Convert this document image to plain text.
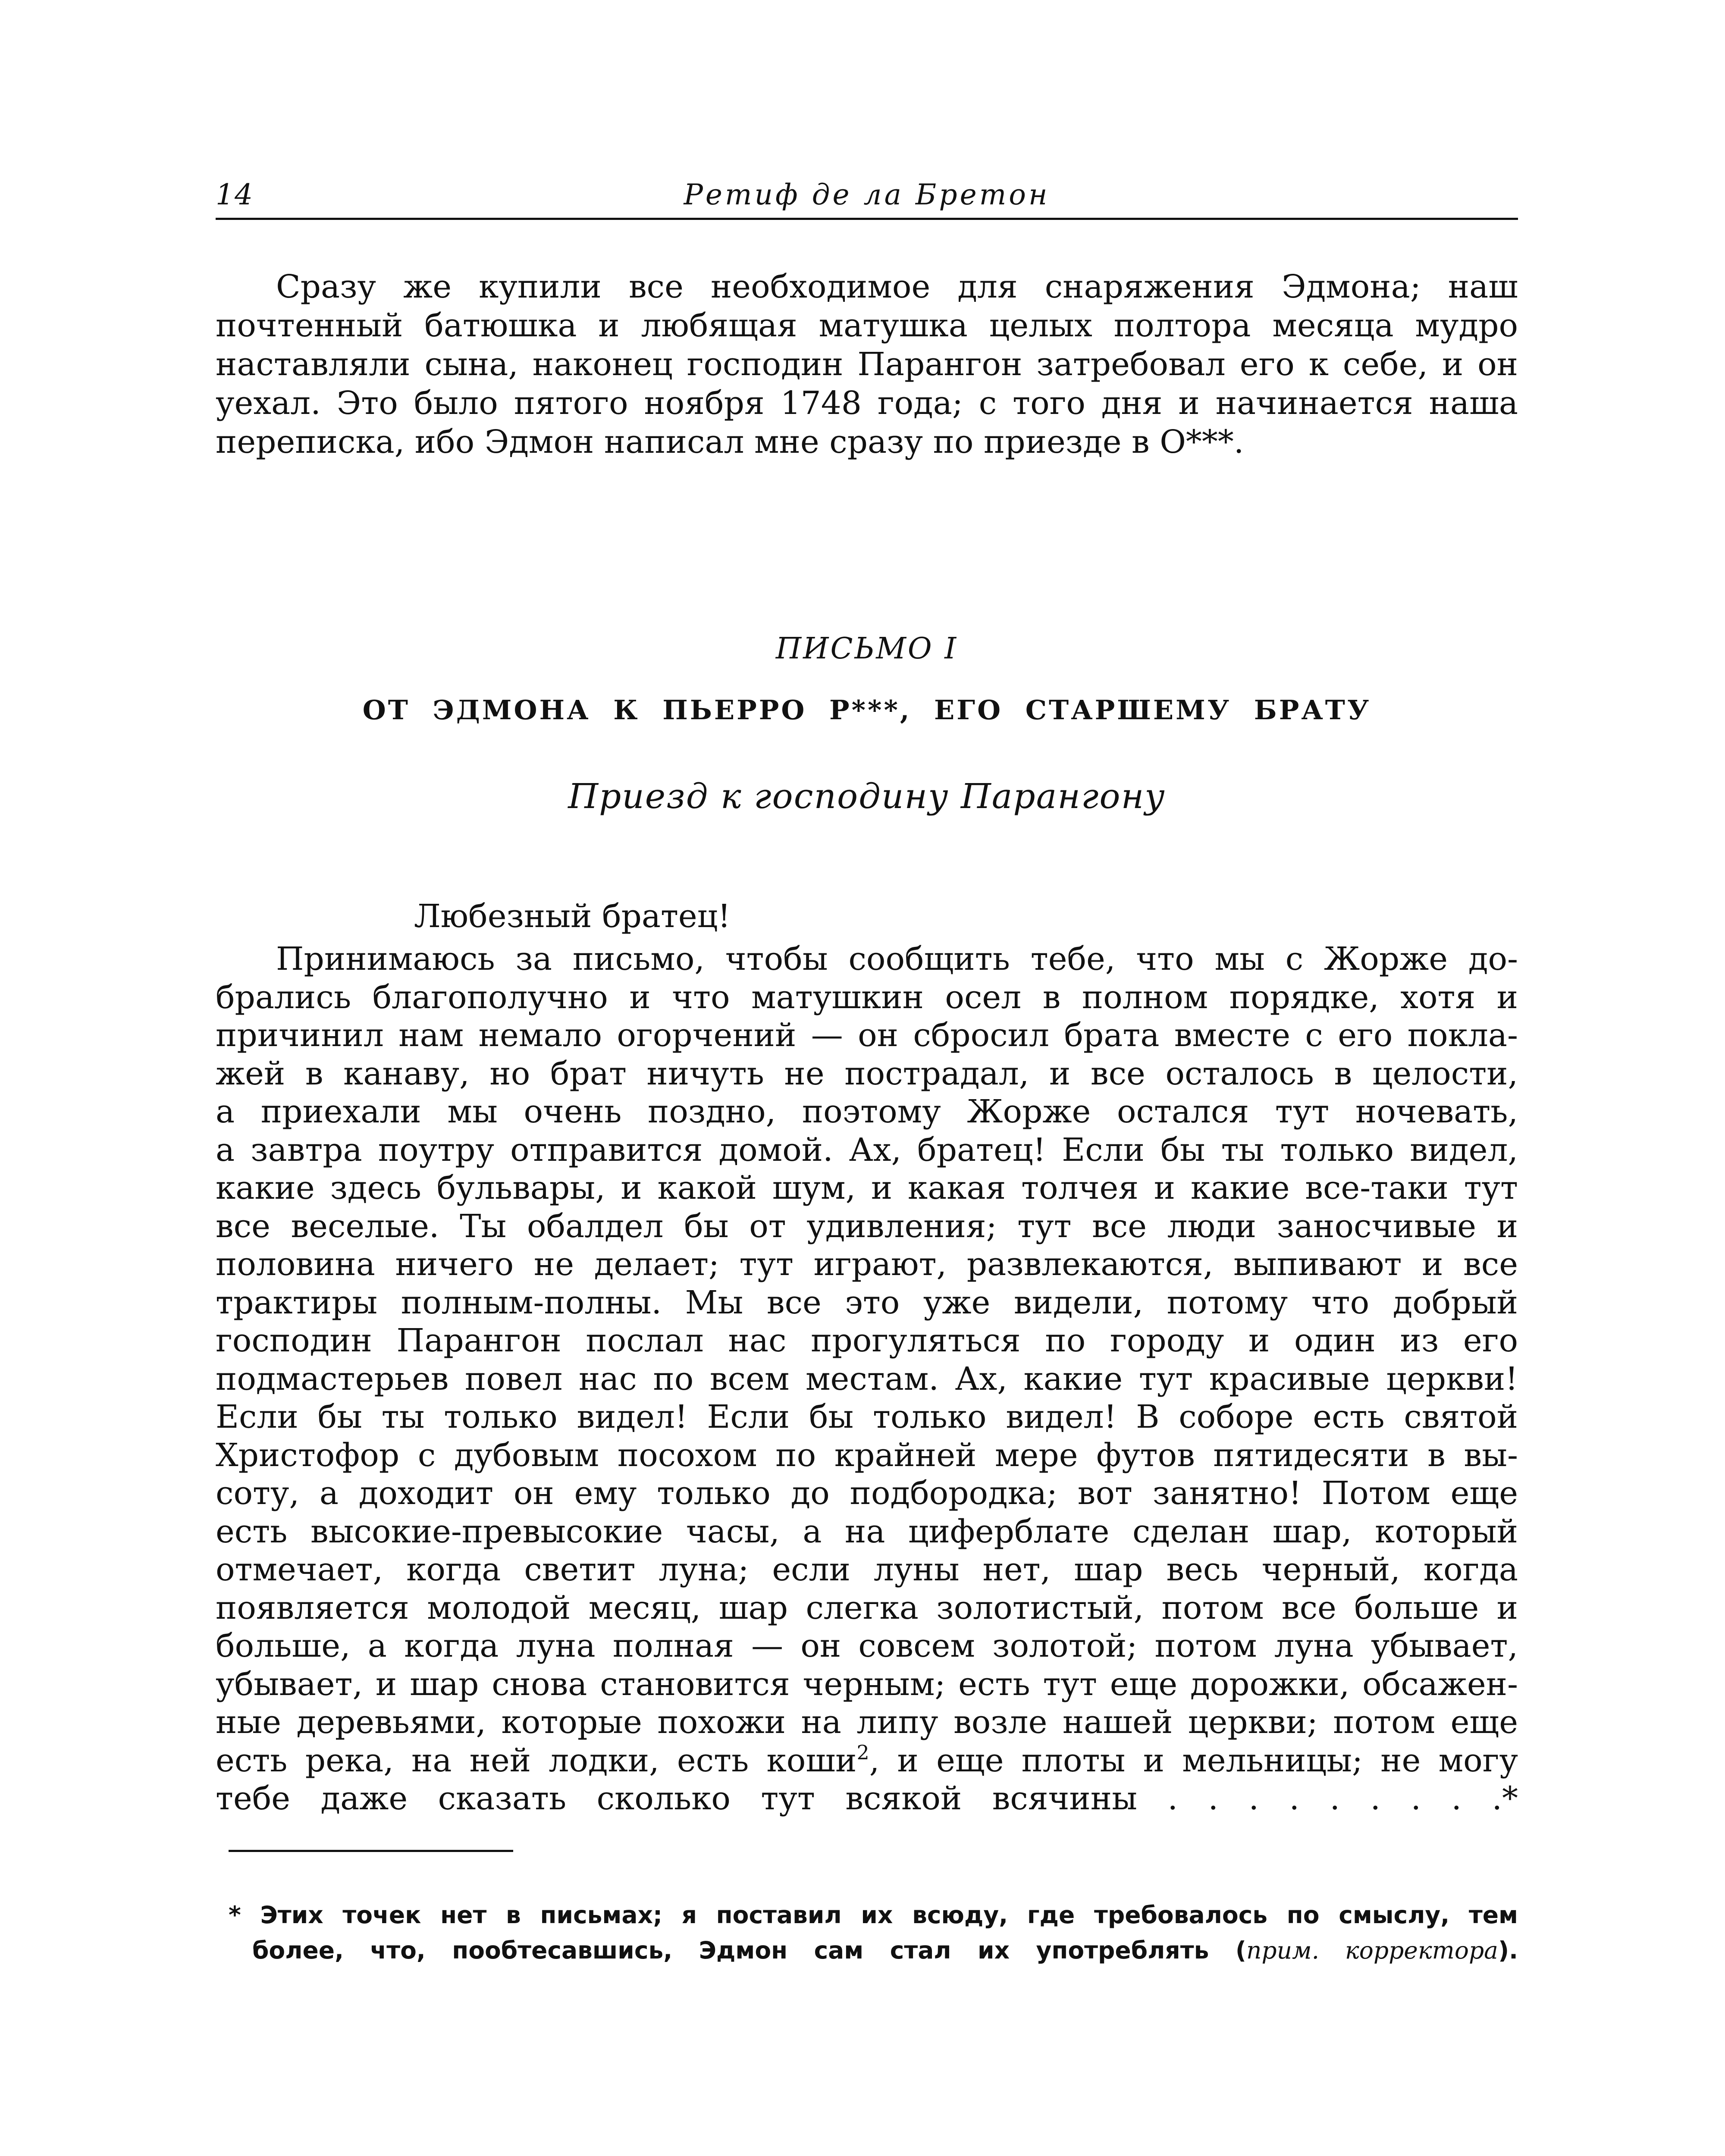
14	Ретиф де ла Бретон
Сразу же купили все необходимое для снаряжения Эдмона; наш
почтенный батюшка и любящая матушка целых полтора месяца мудро
наставляли сына, наконец господин Парангон затребовал его к себе, и он
уехал. Это было пятого ноября 1748 года; с того дня и начинается наша
переписка, ибо Эдмон написал мне сразу по приезде в О***.
ПИСЬМО I
ОТ ЭДМОНА К ПЬЕРРО Р***, ЕГО СТАРШЕМУ БРАТУ
Приезд к господину Парангону
Любезный братец!
Принимаюсь за письмо, чтобы сообщить тебе, что мы с Жорже до-
брались благополучно и что матушкин осел в полном порядке, хотя и
причинил нам немало огорчений — он сбросил брата вместе с его покла-
жей в канаву, но брат ничуть не пострадал, и все осталось в целости,
а приехали мы очень поздно, поэтому Жорже остался тут ночевать,
а завтра поутру отправится домой. Ах, братец! Если бы ты только видел,
какие здесь бульвары, и какой шум, и какая толчея и какие все-таки тут
все веселые. Ты обалдел бы от удивления; тут все люди заносчивые и
половина ничего не делает; тут играют, развлекаются, выпивают и все
трактиры полным-полны. Мы все это уже видели, потому что добрый
господин Парангон послал нас прогуляться по городу и один из его
подмастерьев повел нас по всем местам. Ах, какие тут красивые церкви!
Если бы ты только видел! Если бы только видел! В соборе есть святой
Христофор с дубовым посохом по крайней мере футов пятидесяти в вы-
соту, а доходит он ему только до подбородка; вот занятно! Потом еще
есть высокие-превысокие часы, а на циферблате сделан шар, который
отмечает, когда светит луна; если луны нет, шар весь черный, когда
появляется молодой месяц, шар слегка золотистый, потом все больше и
больше, а когда луна полная — он совсем золотой; потом луна убывает,
убывает, и шар снова становится черным; есть тут еще дорожки, обсажен-
ные деревьями, которые похожи на липу возле нашей церкви; потом еще
есть река, на ней лодки, есть коши$^2$, и еще плоты и мельницы; не могу
тебе даже сказать сколько тут всякой всячины . . . . . . . . .*
* Этих точек нет в письмах; я поставил их всюду, где требовалось по смыслу, тем
более, что, пообтесавшись, Эдмон сам стал их употреблять (прим. корректора).
